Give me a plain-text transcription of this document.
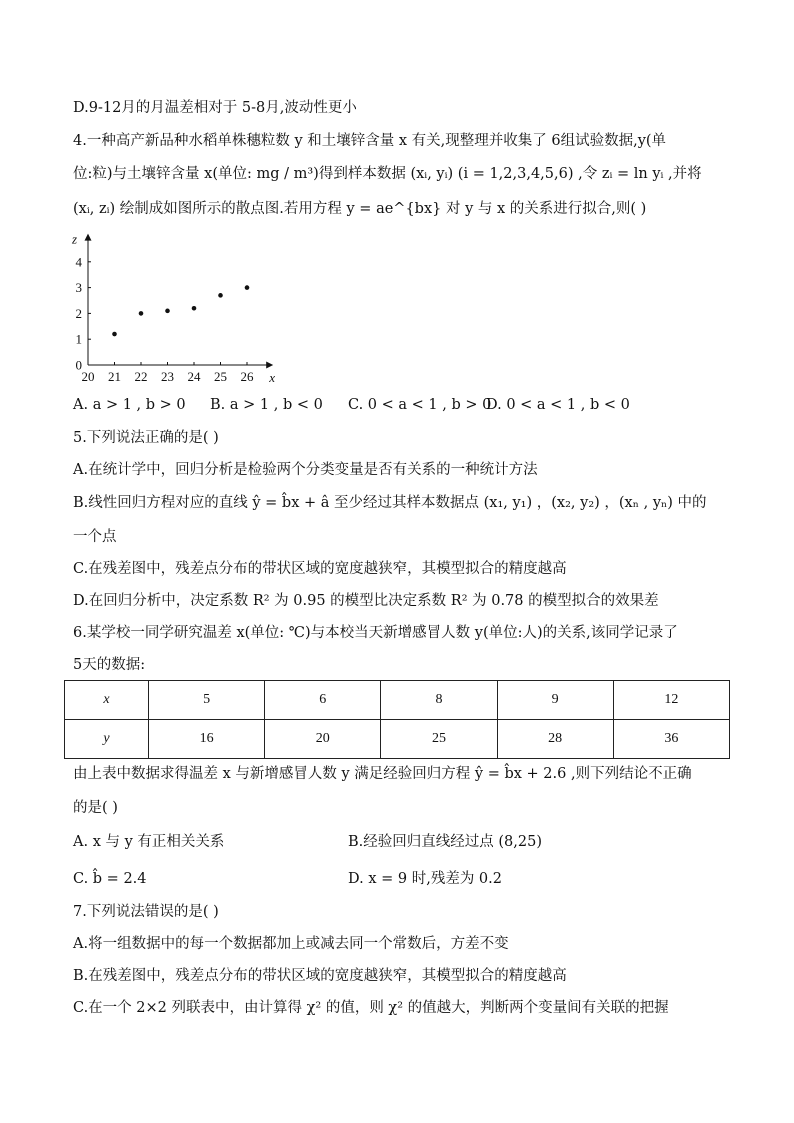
D.9-12月的月温差相对于 5-8月,波动性更小
4.一种高产新品种水稻单株穗粒数 y 和土壤锌含量 x 有关,现整理并收集了 6组试验数据,y(单
位:粒)与土壤锌含量 x(单位: mg / m³)得到样本数据 (xᵢ, yᵢ) (i = 1,2,3,4,5,6) ,令 zᵢ = ln yᵢ ,并将
(xᵢ, zᵢ) 绘制成如图所示的散点图.若用方程 y = ae^{bx} 对 y 与 x 的关系进行拟合,则( )
x
z
20 21 22 23 24 25 26
0
1
2
3
4
A. a > 1 , b > 0 B. a > 1 , b < 0 C. 0 < a < 1 , b > 0
D. 0 < a < 1 , b < 0
5.下列说法正确的是( )
A.在统计学中，回归分析是检验两个分类变量是否有关系的一种统计方法
B.线性回归方程对应的直线 ŷ = b̂x + â 至少经过其样本数据点 (x₁, y₁) ，(x₂, y₂) ，(xₙ , yₙ) 中的
一个点
C.在残差图中，残差点分布的带状区域的宽度越狭窄，其模型拟合的精度越高
D.在回归分析中，决定系数 R² 为 0.95 的模型比决定系数 R² 为 0.78 的模型拟合的效果差
6.某学校一同学研究温差 x(单位: ℃)与本校当天新增感冒人数 y(单位:人)的关系,该同学记录了
5天的数据:
x	5	6	8	9	12
y	16	20	25	28	36
由上表中数据求得温差 x 与新增感冒人数 y 满足经验回归方程 ŷ = b̂x + 2.6 ,则下列结论不正确
的是( )
A. x 与 y 有正相关关系	B.经验回归直线经过点 (8,25)
C. b̂ = 2.4	D. x = 9 时,残差为 0.2
7.下列说法错误的是( )
A.将一组数据中的每一个数据都加上或减去同一个常数后，方差不变
B.在残差图中，残差点分布的带状区域的宽度越狭窄，其模型拟合的精度越高
C.在一个 2×2 列联表中，由计算得 χ² 的值，则 χ² 的值越大，判断两个变量间有关联的把握
